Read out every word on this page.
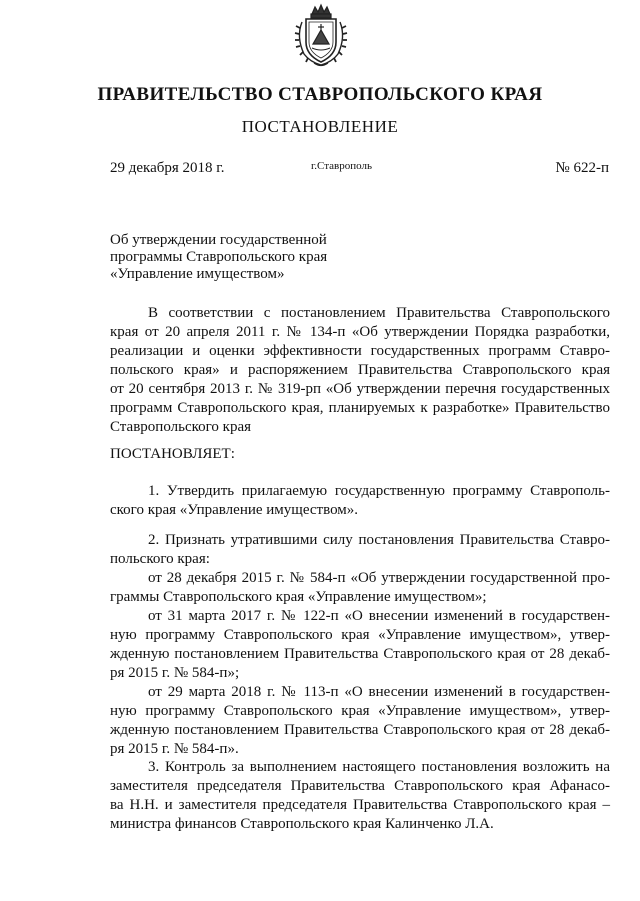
ПРАВИТЕЛЬСТВО СТАВРОПОЛЬСКОГО КРАЯ
ПОСТАНОВЛЕНИЕ
29 декабря 2018 г.	г.Ставрополь	№ 622-п
Об утверждении государственной
программы Ставропольского края
«Управление имуществом»
В соответствии с постановлением Правительства Ставропольского
края от 20 апреля 2011 г. № 134-п «Об утверждении Порядка разработки,
реализации и оценки эффективности государственных программ Ставро-
польского края» и распоряжением Правительства Ставропольского края
от 20 сентября 2013 г. № 319-рп «Об утверждении перечня государственных
программ Ставропольского края, планируемых к разработке» Правительство
Ставропольского края
ПОСТАНОВЛЯЕТ:
1. Утвердить прилагаемую государственную программу Ставрополь-
ского края «Управление имуществом».
2. Признать утратившими силу постановления Правительства Ставро-
польского края:
от 28 декабря 2015 г. № 584-п «Об утверждении государственной про-
граммы Ставропольского края «Управление имуществом»;
от 31 марта 2017 г. № 122-п «О внесении изменений в государствен-
ную программу Ставропольского края «Управление имуществом», утвер-
жденную постановлением Правительства Ставропольского края от 28 декаб-
ря 2015 г. № 584-п»;
от 29 марта 2018 г. № 113-п «О внесении изменений в государствен-
ную программу Ставропольского края «Управление имуществом», утвер-
жденную постановлением Правительства Ставропольского края от 28 декаб-
ря 2015 г. № 584-п».
3. Контроль за выполнением настоящего постановления возложить на
заместителя председателя Правительства Ставропольского края Афанасо-
ва Н.Н. и заместителя председателя Правительства Ставропольского края –
министра финансов Ставропольского края Калинченко Л.А.
